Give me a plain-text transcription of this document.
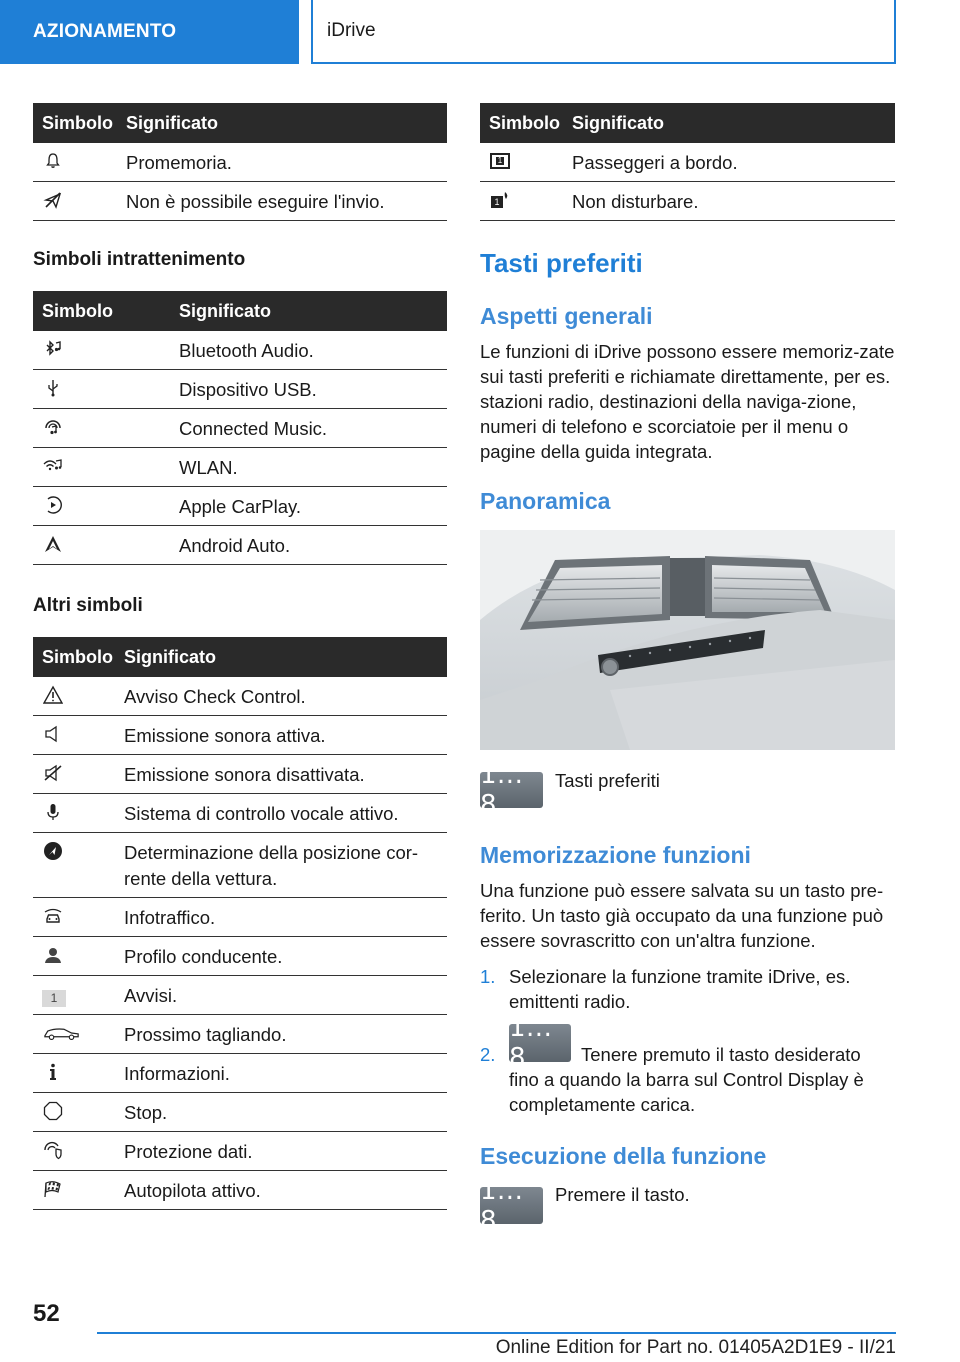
AZIONAMENTO	iDrive
Simbolo Significato
Promemoria.
Non è possibile eseguire l'invio.
Simboli intrattenimento
Simbolo	Significato
Bluetooth Audio.
Dispositivo USB.
Connected Music.
WLAN.
Apple CarPlay.
Android Auto.
Altri simboli
Simbolo Significato
Avviso Check Control.
Emissione sonora attiva.
Emissione sonora disattivata.
Sistema di controllo vocale attivo.
Determinazione della posizione cor-rente della vettura.
Infotraffico.
Profilo conducente.
1	Avvisi.
Prossimo tagliando.
Informazioni.
Stop.
Protezione dati.
Autopilota attivo.
Simbolo Significato
1	Passeggeri a bordo.
1	Non disturbare.
Tasti preferiti
Aspetti generali

Le funzioni di iDrive possono essere memoriz-zate sui tasti preferiti e richiamate direttamente, per es. stazioni radio, destinazioni della naviga-zione, numeri di telefono e scorciatoie per il menu o pagine della guida integrata.

Panoramica
1... 8
Tasti preferiti
Memorizzazione funzioni

Una funzione può essere salvata su un tasto pre-ferito. Un tasto già occupato da una funzione può essere sovrascritto con un'altra funzione.

1. Selezionare la funzione tramite iDrive, es. emittenti radio.
2.
1... 8	Tenere premuto il tasto desiderato fino a quando la barra sul Control Display è completamente carica.
Esecuzione della funzione
1... 8
Premere il tasto.
52
Online Edition for Part no. 01405A2D1E9 - II/21
